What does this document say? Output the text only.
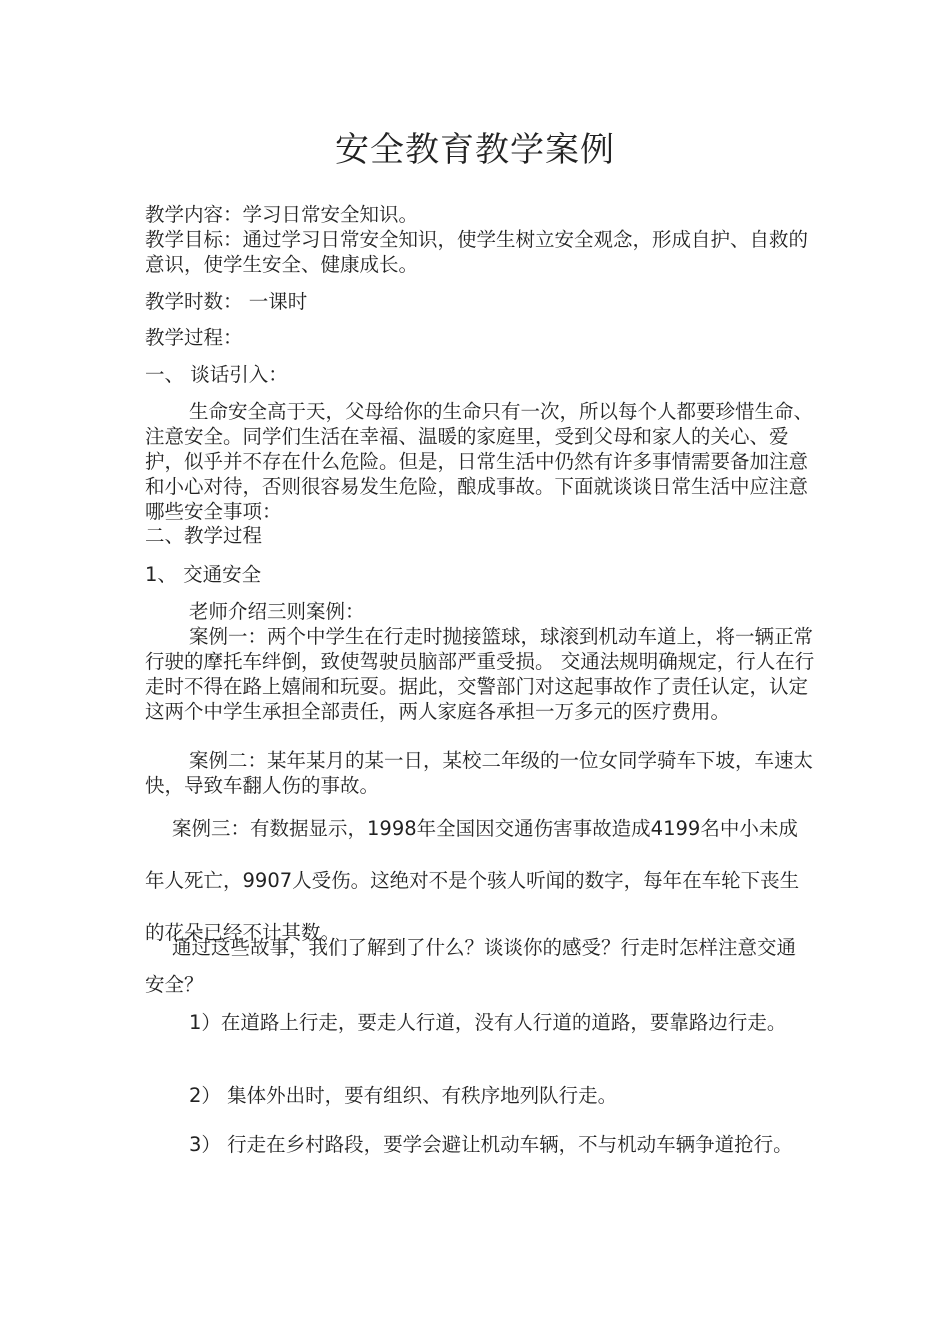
安全教育教学案例
教学内容：学习日常安全知识。
教学目标：通过学习日常安全知识，使学生树立安全观念，形成自护、自救的意识，使学生安全、健康成长。
教学时数： 一课时
教学过程：
一、 谈话引入：
生命安全高于天，父母给你的生命只有一次，所以每个人都要珍惜生命、注意安全。同学们生活在幸福、温暖的家庭里，受到父母和家人的关心、爱护，似乎并不存在什么危险。但是，日常生活中仍然有许多事情需要备加注意和小心对待，否则很容易发生危险，酿成事故。下面就谈谈日常生活中应注意哪些安全事项：
二、教学过程
1、 交通安全
老师介绍三则案例：
案例一：两个中学生在行走时抛接篮球，球滚到机动车道上，将一辆正常行驶的摩托车绊倒，致使驾驶员脑部严重受损。 交通法规明确规定，行人在行走时不得在路上嬉闹和玩耍。据此，交警部门对这起事故作了责任认定，认定这两个中学生承担全部责任，两人家庭各承担一万多元的医疗费用。
案例二：某年某月的某一日，某校二年级的一位女同学骑车下坡，车速太快，导致车翻人伤的事故。
案例三：有数据显示，1998年全国因交通伤害事故造成4199名中小未成年人死亡，9907人受伤。这绝对不是个骇人听闻的数字，每年在车轮下丧生的花朵已经不计其数。
通过这些故事，我们了解到了什么？谈谈你的感受？行走时怎样注意交通安全？
1）在道路上行走，要走人行道，没有人行道的道路，要靠路边行走。
2） 集体外出时，要有组织、有秩序地列队行走。
3） 行走在乡村路段，要学会避让机动车辆，不与机动车辆争道抢行。
